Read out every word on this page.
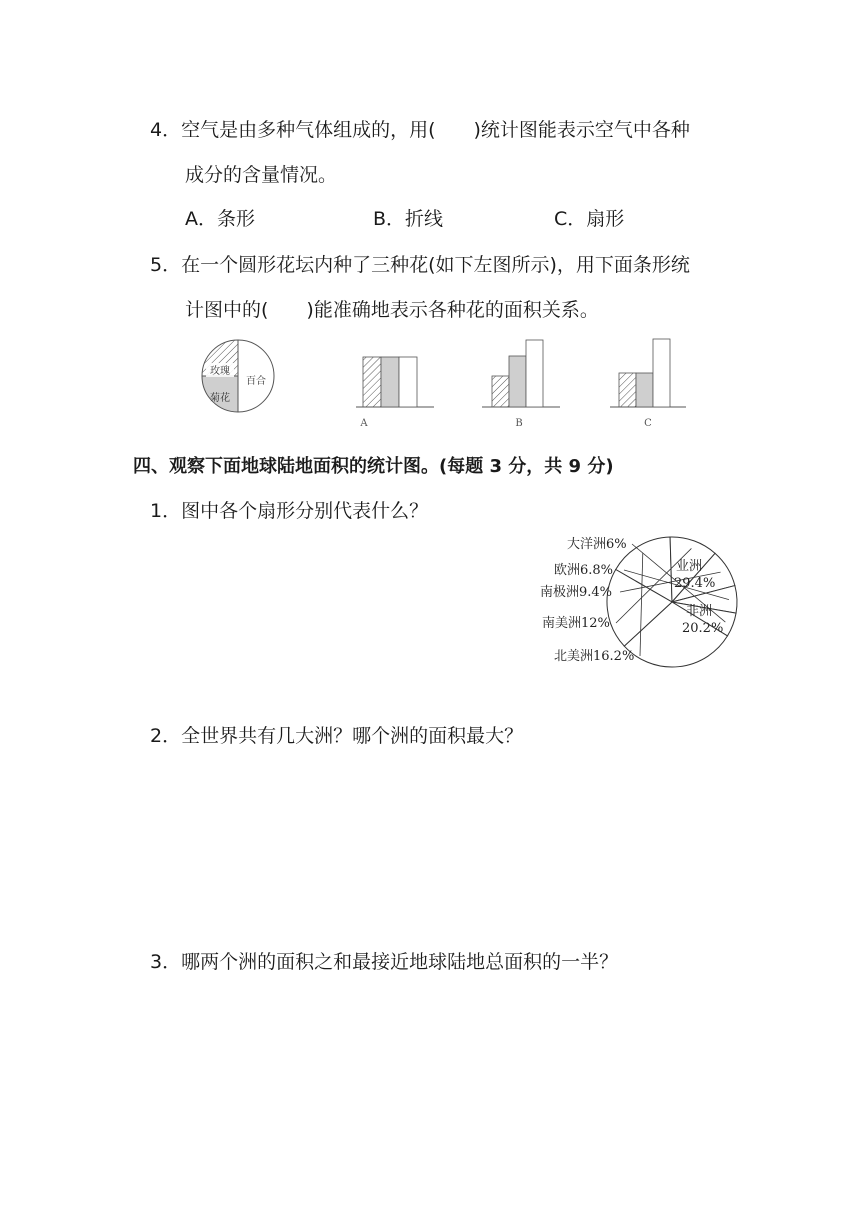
4．空气是由多种气体组成的，用(　　)统计图能表示空气中各种
成分的含量情况。
A．条形	B．折线	C．扇形
5．在一个圆形花坛内种了三种花(如下左图所示)，用下面条形统
计图中的(　　)能准确地表示各种花的面积关系。
玫瑰
百合
菊花
A	B	C
四、观察下面地球陆地面积的统计图。(每题 3 分，共 9 分)
1．图中各个扇形分别代表什么？
大洋洲6%
欧洲6.8%
南极洲9.4%
南美洲12%
北美洲16.2%
业洲
29.4%
非洲
20.2%
2．全世界共有几大洲？哪个洲的面积最大？
3．哪两个洲的面积之和最接近地球陆地总面积的一半？
